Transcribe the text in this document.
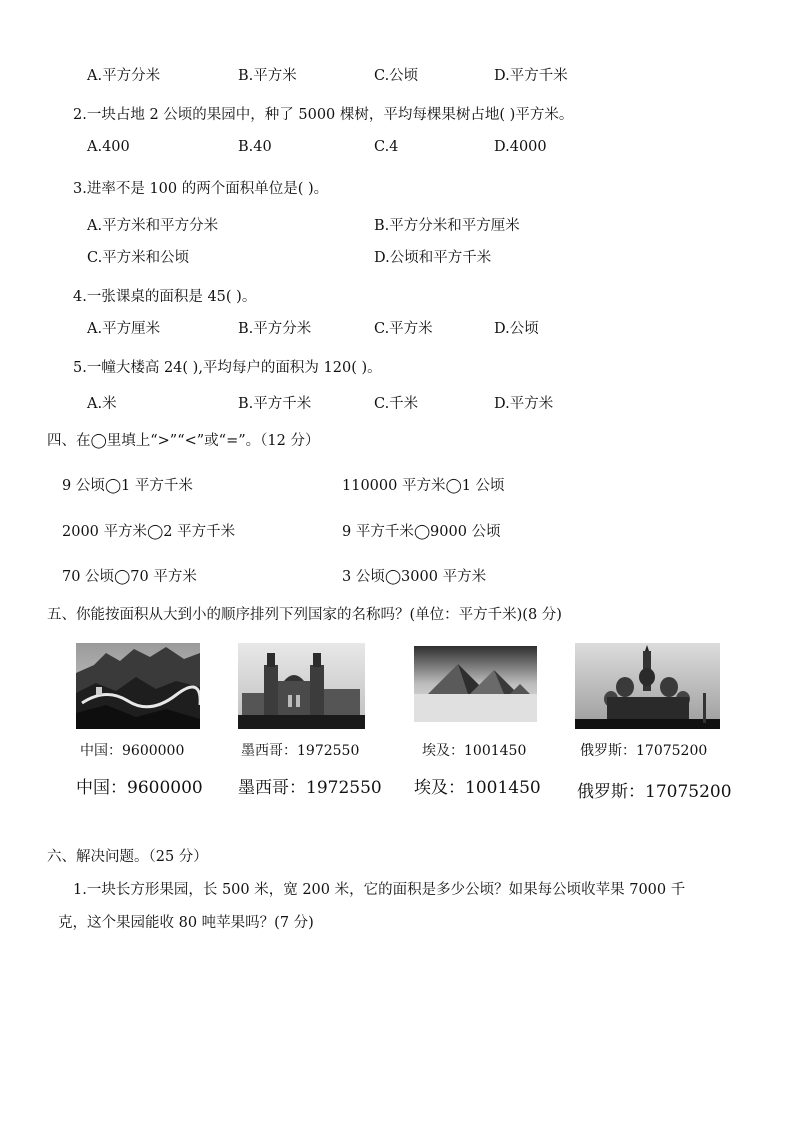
A.平方分米	B.平方米	C.公顷	D.平方千米
2.一块占地 2 公顷的果园中，种了 5000 棵树，平均每棵果树占地( )平方米。
A.400	B.40	C.4	D.4000
3.进率不是 100 的两个面积单位是( )。
A.平方米和平方分米	B.平方分米和平方厘米
C.平方米和公顷	D.公顷和平方千米
4.一张课桌的面积是 45( )。
A.平方厘米	B.平方分米	C.平方米	D.公顷
5.一幢大楼高 24( ),平均每户的面积为 120( )。
A.米	B.平方千米	C.千米	D.平方米
四、在◯里填上“>”“<”或“=”。（12 分）
9 公顷◯1 平方千米	110000 平方米◯1 公顷
2000 平方米◯2 平方千米	9 平方千米◯9000 公顷
70 公顷◯70 平方米	3 公顷◯3000 平方米
五、你能按面积从大到小的顺序排列下列国家的名称吗？(单位：平方千米)(8 分)
中国：9600000	墨西哥：1972550	埃及：1001450	俄罗斯：17075200
中国：9600000 墨西哥：1972550 埃及：1001450 俄罗斯：17075200
六、解决问题。（25 分）
1.一块长方形果园，长 500 米，宽 200 米，它的面积是多少公顷？如果每公顷收苹果 7000 千
克，这个果园能收 80 吨苹果吗？(7 分)
